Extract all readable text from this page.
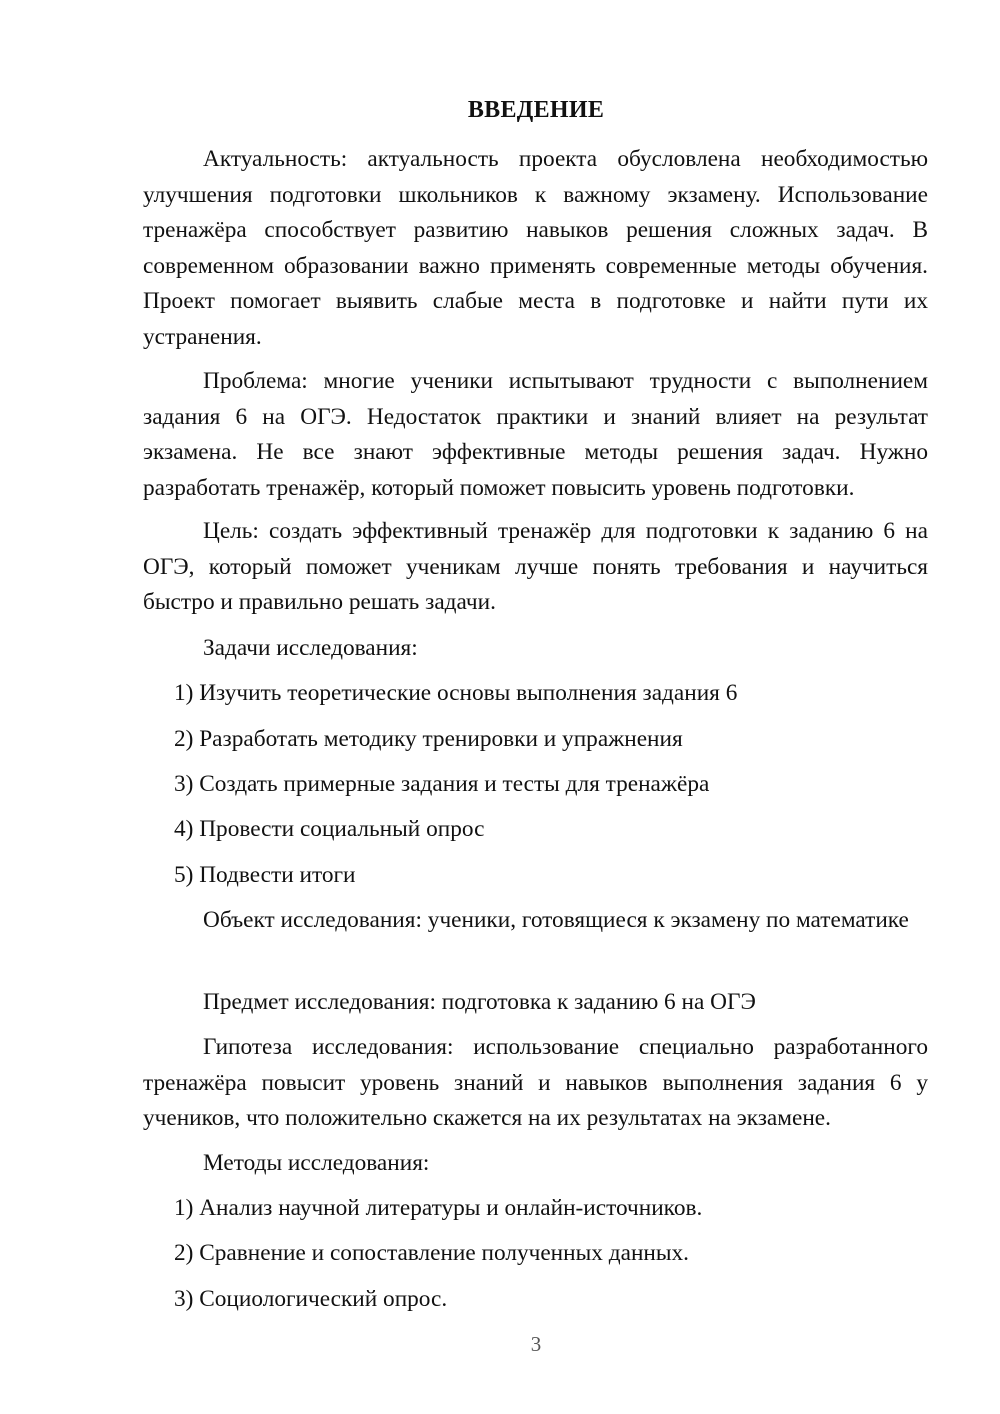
ВВЕДЕНИЕ

Актуальность: актуальность проекта обусловлена необходимостью улучшения подготовки школьников к важному экзамену. Использование тренажёра способствует развитию навыков решения сложных задач. В современном образовании важно применять современные методы обучения. Проект помогает выявить слабые места в подготовке и найти пути их устранения.

Проблема: многие ученики испытывают трудности с выполнением задания 6 на ОГЭ. Недостаток практики и знаний влияет на результат экзамена. Не все знают эффективные методы решения задач. Нужно разработать тренажёр, который поможет повысить уровень подготовки.

Цель: создать эффективный тренажёр для подготовки к заданию 6 на ОГЭ, который поможет ученикам лучше понять требования и научиться быстро и правильно решать задачи.

Задачи исследования:

1) Изучить теоретические основы выполнения задания 6

2) Разработать методику тренировки и упражнения

3) Создать примерные задания и тесты для тренажёра

4) Провести социальный опрос

5) Подвести итоги

Объект исследования: ученики, готовящиеся к экзамену по математике

Предмет исследования: подготовка к заданию 6 на ОГЭ

Гипотеза исследования: использование специально разработанного тренажёра повысит уровень знаний и навыков выполнения задания 6 у учеников, что положительно скажется на их результатах на экзамене.

Методы исследования:

1) Анализ научной литературы и онлайн-источников.

2) Сравнение и сопоставление полученных данных.

3) Социологический опрос.

3
